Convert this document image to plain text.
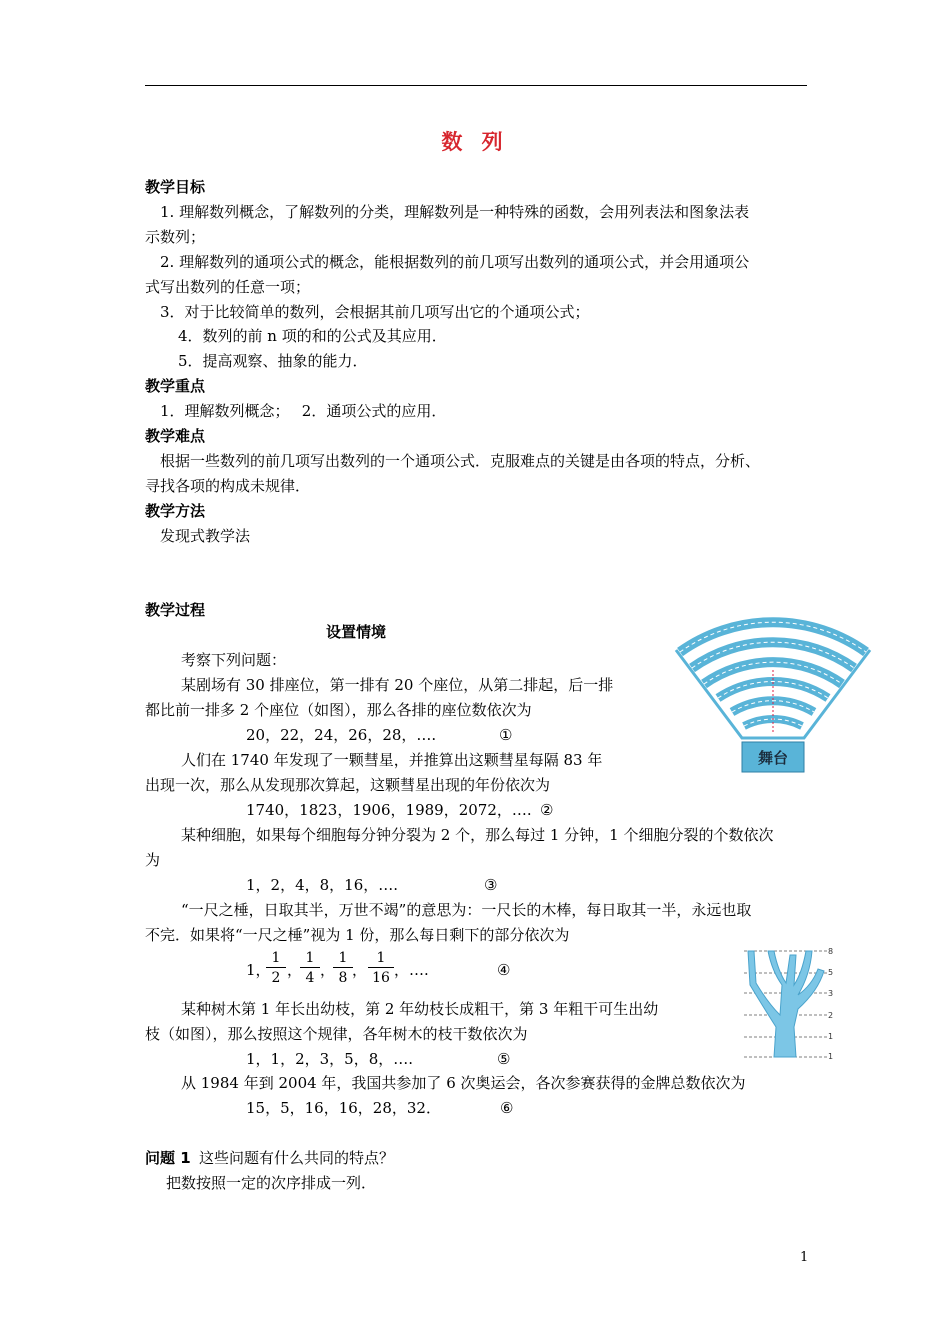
数 列
教学目标
1. 理解数列概念，了解数列的分类，理解数列是一种特殊的函数，会用列表法和图象法表
示数列；
2. 理解数列的通项公式的概念，能根据数列的前几项写出数列的通项公式，并会用通项公
式写出数列的任意一项；
3．对于比较简单的数列，会根据其前几项写出它的个通项公式；
4．数列的前 n 项的和的公式及其应用．
5．提高观察、抽象的能力．
教学重点
1．理解数列概念；　 2．通项公式的应用．
教学难点
根据一些数列的前几项写出数列的一个通项公式．克服难点的关键是由各项的特点，分析、
寻找各项的构成未规律．
教学方法
发现式教学法
教学过程
设置情境
考察下列问题：
某剧场有 30 排座位，第一排有 20 个座位，从第二排起，后一排
都比前一排多 2 个座位（如图），那么各排的座位数依次为
20，22，24，26，28，….	①
人们在 1740 年发现了一颗彗星，并推算出这颗彗星每隔 83 年
出现一次，那么从发现那次算起，这颗彗星出现的年份依次为
1740，1823，1906，1989，2072，…. ②
某种细胞，如果每个细胞每分钟分裂为 2 个，那么每过 1 分钟，1 个细胞分裂的个数依次
为
1，2，4，8，16，….	③
“一尺之棰，日取其半，万世不竭”的意思为：一尺长的木棒，每日取其一半，永远也取
不完．如果将“一尺之棰”视为 1 份，那么每日剩下的部分依次为
1，
$\frac{1}{2}$ ，
$\frac{1}{4}$ ，
$\frac{1}{8}$ ， $\frac{1}{16}$ ，….	④
某种树木第 1 年长出幼枝，第 2 年幼枝长成粗干，第 3 年粗干可生出幼
枝（如图），那么按照这个规律，各年树木的枝干数依次为
1，1，2，3，5，8，….	⑤
从 1984 年到 2004 年，我国共参加了 6 次奥运会，各次参赛获得的金牌总数依次为
15，5，16，16，28，32．	⑥
问题 1 这些问题有什么共同的特点？
把数按照一定的次序排成一列．
1
舞台
8
5
3
2
1
1
